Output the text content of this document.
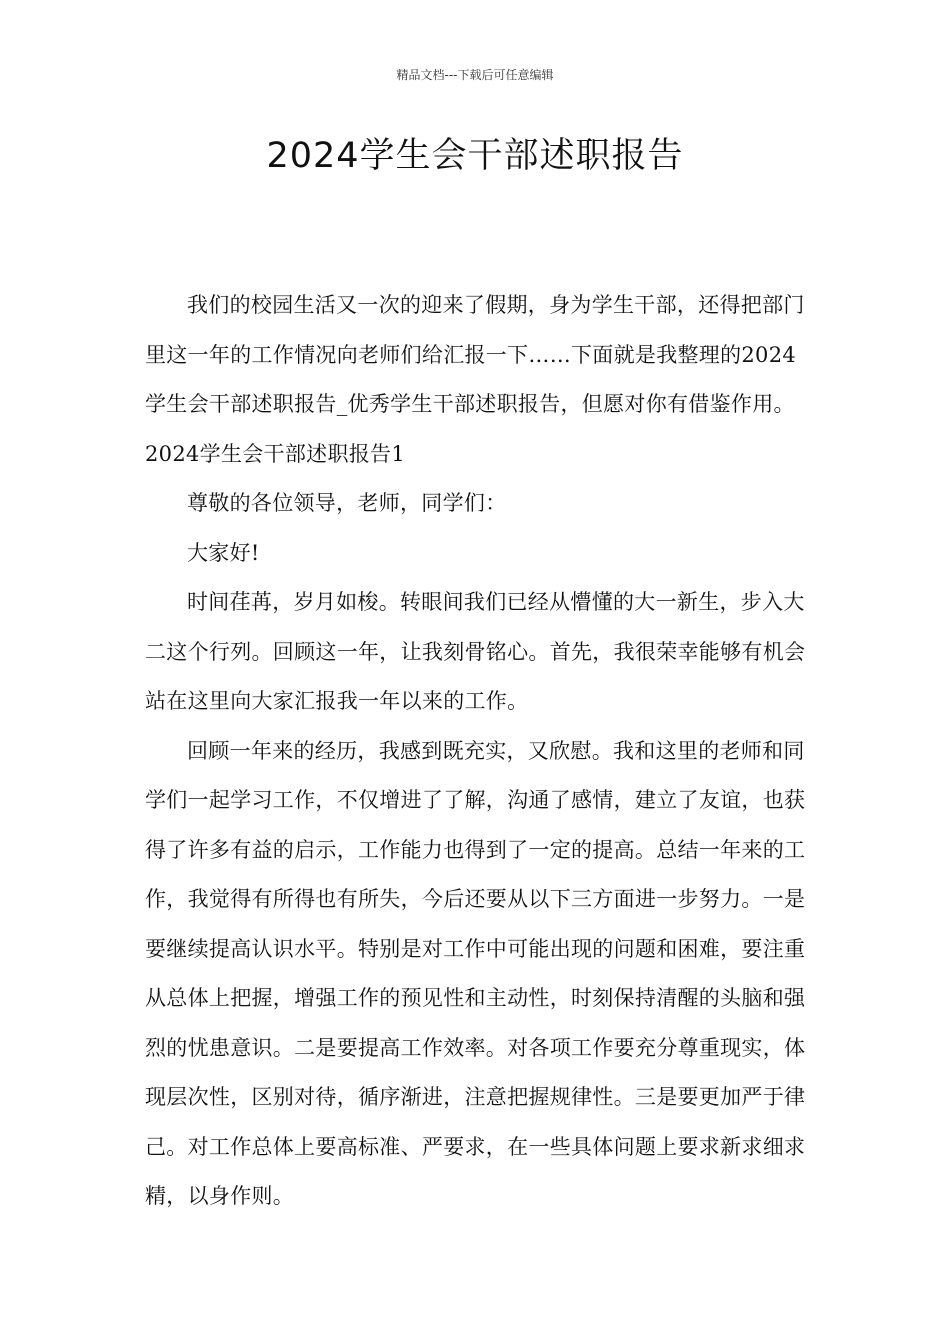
精品文档---下载后可任意编辑
2024学生会干部述职报告

我们的校园生活又一次的迎来了假期，身为学生干部，还得把部门里这一年的工作情况向老师们给汇报一下……下面就是我整理的2024学生会干部述职报告_优秀学生干部述职报告，但愿对你有借鉴作用。2024学生会干部述职报告1

尊敬的各位领导，老师，同学们：

大家好!

时间荏苒，岁月如梭。转眼间我们已经从懵懂的大一新生，步入大二这个行列。回顾这一年，让我刻骨铭心。首先，我很荣幸能够有机会站在这里向大家汇报我一年以来的工作。

回顾一年来的经历，我感到既充实，又欣慰。我和这里的老师和同学们一起学习工作，不仅增进了了解，沟通了感情，建立了友谊，也获得了许多有益的启示，工作能力也得到了一定的提高。总结一年来的工作，我觉得有所得也有所失，今后还要从以下三方面进一步努力。一是要继续提高认识水平。特别是对工作中可能出现的问题和困难，要注重从总体上把握，增强工作的预见性和主动性，时刻保持清醒的头脑和强烈的忧患意识。二是要提高工作效率。对各项工作要充分尊重现实，体现层次性，区别对待，循序渐进，注意把握规律性。三是要更加严于律己。对工作总体上要高标准、严要求，在一些具体问题上要求新求细求精，以身作则。
